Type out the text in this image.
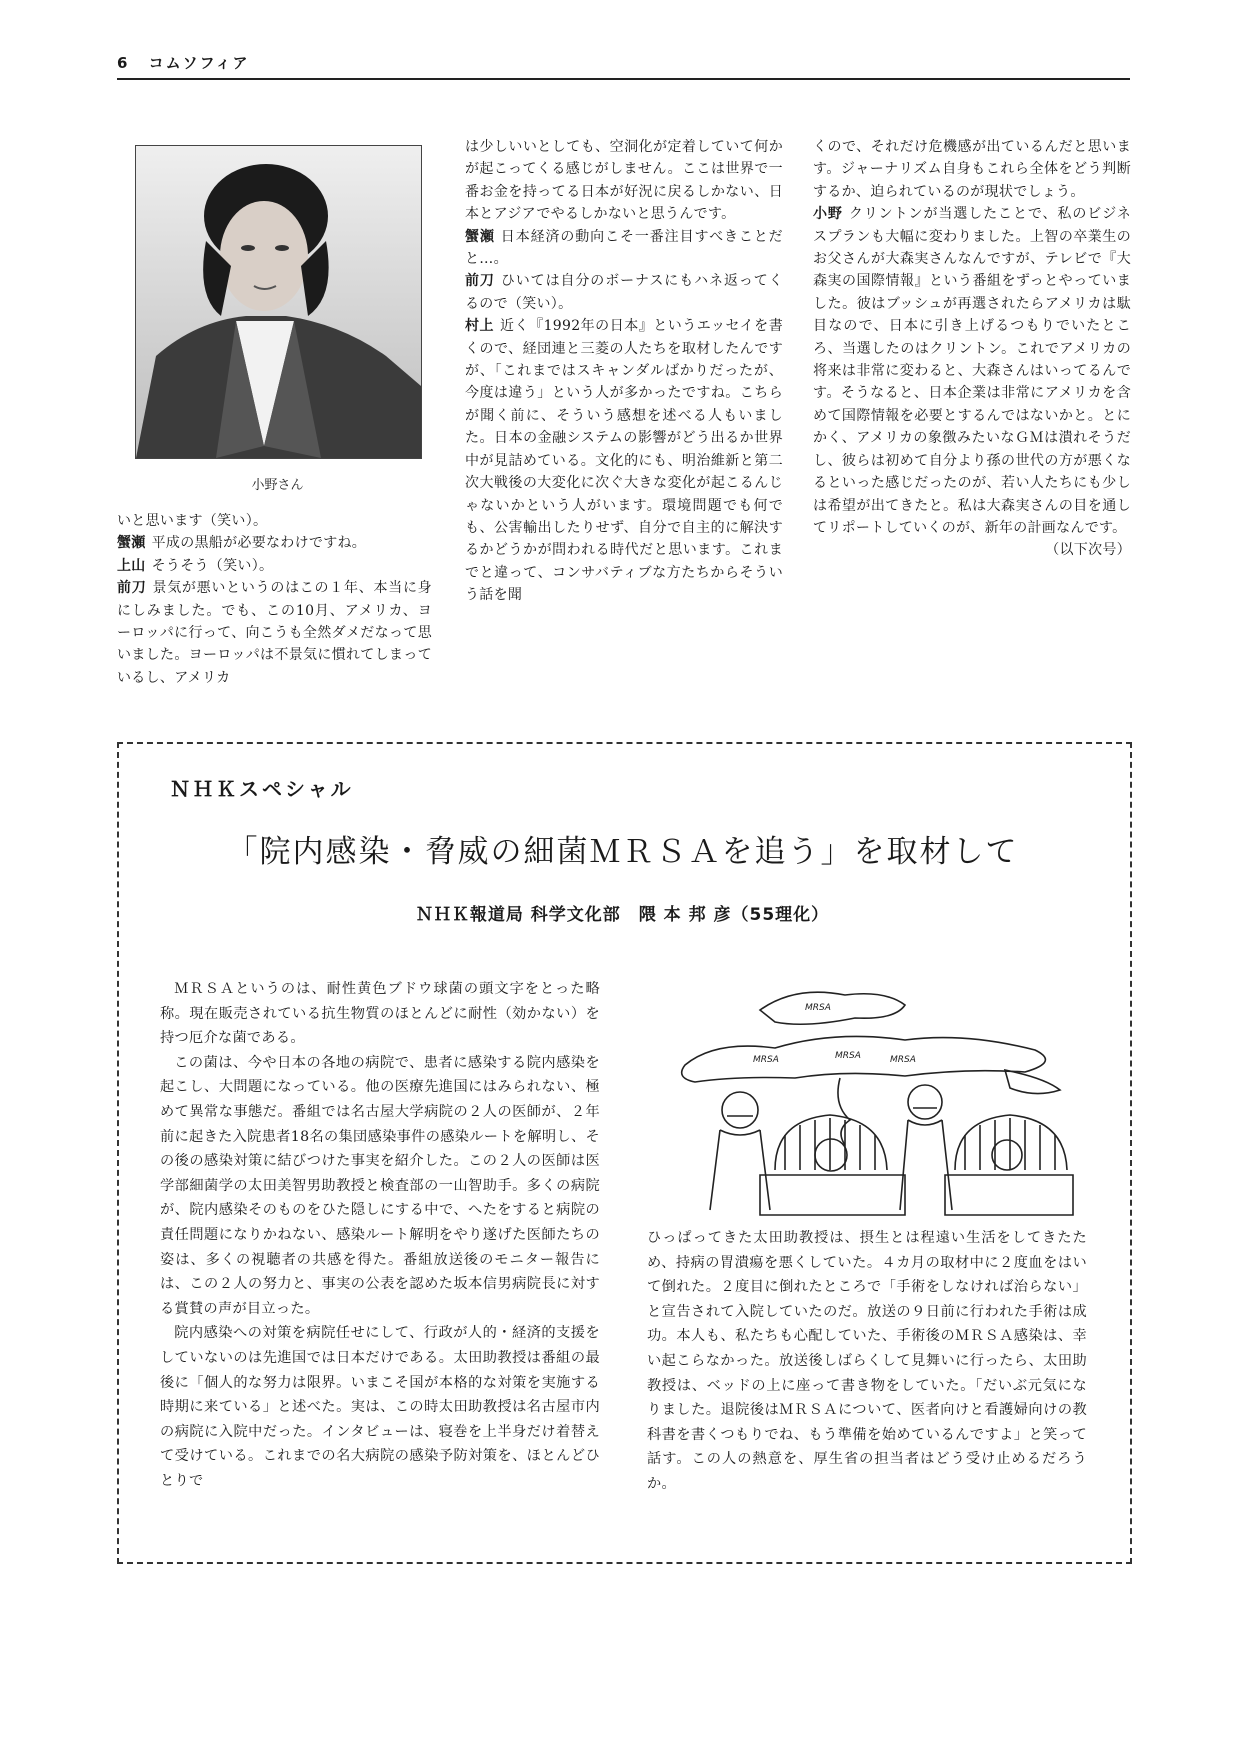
6 コムソフィア
小野さん

いと思います（笑い）。

蟹瀬 平成の黒船が必要なわけですね。

上山 そうそう（笑い）。

前刀 景気が悪いというのはこの１年、本当に身にしみました。でも、この10月、アメリカ、ヨーロッパに行って、向こうも全然ダメだなって思いました。ヨーロッパは不景気に慣れてしまっているし、アメリカ

は少しいいとしても、空洞化が定着していて何かが起こってくる感じがしません。ここは世界で一番お金を持ってる日本が好況に戻るしかない、日本とアジアでやるしかないと思うんです。

蟹瀬 日本経済の動向こそ一番注目すべきことだと…。

前刀 ひいては自分のボーナスにもハネ返ってくるので（笑い）。

村上 近く『1992年の日本』というエッセイを書くので、経団連と三菱の人たちを取材したんですが、「これまではスキャンダルばかりだったが、今度は違う」という人が多かったですね。こちらが聞く前に、そういう感想を述べる人もいました。日本の金融システムの影響がどう出るか世界中が見詰めている。文化的にも、明治維新と第二次大戦後の大変化に次ぐ大きな変化が起こるんじゃないかという人がいます。環境問題でも何でも、公害輸出したりせず、自分で自主的に解決するかどうかが問われる時代だと思います。これまでと違って、コンサバティブな方たちからそういう話を聞

くので、それだけ危機感が出ているんだと思います。ジャーナリズム自身もこれら全体をどう判断するか、迫られているのが現状でしょう。

小野 クリントンが当選したことで、私のビジネスプランも大幅に変わりました。上智の卒業生のお父さんが大森実さんなんですが、テレビで『大森実の国際情報』という番組をずっとやっていました。彼はブッシュが再選されたらアメリカは駄目なので、日本に引き上げるつもりでいたところ、当選したのはクリントン。これでアメリカの将来は非常に変わると、大森さんはいってるんです。そうなると、日本企業は非常にアメリカを含めて国際情報を必要とするんではないかと。とにかく、アメリカの象徴みたいなＧＭは潰れそうだし、彼らは初めて自分より孫の世代の方が悪くなるといった感じだったのが、若い人たちにも少しは希望が出てきたと。私は大森実さんの目を通してリポートしていくのが、新年の計画なんです。

（以下次号）
ＮＨＫスペシャル
「院内感染・脅威の細菌ＭＲＳＡを追う」を取材して
ＮＨＫ報道局 科学文化部　隈 本 邦 彦（55理化）

ＭＲＳＡというのは、耐性黄色ブドウ球菌の頭文字をとった略称。現在販売されている抗生物質のほとんどに耐性（効かない）を持つ厄介な菌である。

この菌は、今や日本の各地の病院で、患者に感染する院内感染を起こし、大問題になっている。他の医療先進国にはみられない、極めて異常な事態だ。番組では名古屋大学病院の２人の医師が、２年前に起きた入院患者18名の集団感染事件の感染ルートを解明し、その後の感染対策に結びつけた事実を紹介した。この２人の医師は医学部細菌学の太田美智男助教授と検査部の一山智助手。多くの病院が、院内感染そのものをひた隠しにする中で、へたをすると病院の責任問題になりかねない、感染ルート解明をやり遂げた医師たちの姿は、多くの視聴者の共感を得た。番組放送後のモニター報告には、この２人の努力と、事実の公表を認めた坂本信男病院長に対する賞賛の声が目立った。

院内感染への対策を病院任せにして、行政が人的・経済的支援をしていないのは先進国では日本だけである。太田助教授は番組の最後に「個人的な努力は限界。いまこそ国が本格的な対策を実施する時期に来ている」と述べた。実は、この時太田助教授は名古屋市内の病院に入院中だった。インタビューは、寝巻を上半身だけ着替えて受けている。これまでの名大病院の感染予防対策を、ほとんどひとりで

MRSA
MRSA	MRSA	MRSA

ひっぱってきた太田助教授は、摂生とは程遠い生活をしてきたため、持病の胃潰瘍を悪くしていた。４カ月の取材中に２度血をはいて倒れた。２度目に倒れたところで「手術をしなければ治らない」と宣告されて入院していたのだ。放送の９日前に行われた手術は成功。本人も、私たちも心配していた、手術後のＭＲＳＡ感染は、幸い起こらなかった。放送後しばらくして見舞いに行ったら、太田助教授は、ベッドの上に座って書き物をしていた。「だいぶ元気になりました。退院後はＭＲＳＡについて、医者向けと看護婦向けの教科書を書くつもりでね、もう準備を始めているんですよ」と笑って話す。この人の熱意を、厚生省の担当者はどう受け止めるだろうか。
